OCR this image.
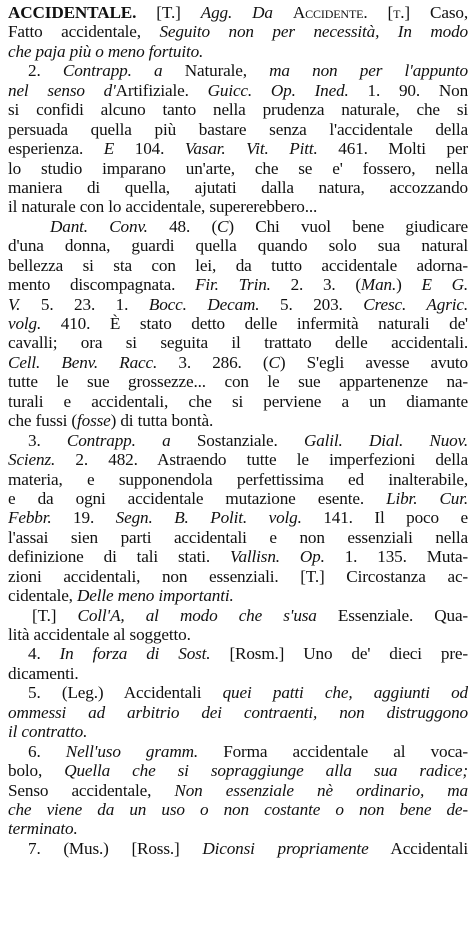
ACCIDENTALE. [T.] Agg. Da Accidente. [t.] Caso,
Fatto accidentale, Seguito non per necessità, In modo
che paja più o meno fortuito.
2. Contrapp. a Naturale, ma non per l'appunto
nel senso d'Artifiziale. Guicc. Op. Ined. 1. 90. Non
si confidi alcuno tanto nella prudenza naturale, che si
persuada quella più bastare senza l'accidentale della
esperienza. E 104. Vasar. Vit. Pitt. 461. Molti per
lo studio imparano un'arte, che se e' fossero, nella
maniera di quella, ajutati dalla natura, accozzando
il naturale con lo accidentale, supererebbero...
Dant. Conv. 48. (C) Chi vuol bene giudicare
d'una donna, guardi quella quando solo sua natural
bellezza si sta con lei, da tutto accidentale adorna-
mento discompagnata. Fir. Trin. 2. 3. (Man.) E G.
V. 5. 23. 1. Bocc. Decam. 5. 203. Cresc. Agric.
volg. 410. È stato detto delle infermità naturali de'
cavalli; ora si seguita il trattato delle accidentali.
Cell. Benv. Racc. 3. 286. (C) S'egli avesse avuto
tutte le sue grossezze... con le sue appartenenze na-
turali e accidentali, che si perviene a un diamante
che fussi (fosse) di tutta bontà.
3. Contrapp. a Sostanziale. Galil. Dial. Nuov.
Scienz. 2. 482. Astraendo tutte le imperfezioni della
materia, e supponendola perfettissima ed inalterabile,
e da ogni accidentale mutazione esente. Libr. Cur.
Febbr. 19. Segn. B. Polit. volg. 141. Il poco e
l'assai sien parti accidentali e non essenziali nella
definizione di tali stati. Vallisn. Op. 1. 135. Muta-
zioni accidentali, non essenziali. [T.] Circostanza ac-
cidentale, Delle meno importanti.
[T.] Coll'A, al modo che s'usa Essenziale. Qua-
lità accidentale al soggetto.
4. In forza di Sost. [Rosm.] Uno de' dieci pre-
dicamenti.
5. (Leg.) Accidentali quei patti che, aggiunti od
ommessi ad arbitrio dei contraenti, non distruggono
il contratto.
6. Nell'uso gramm. Forma accidentale al voca-
bolo, Quella che si sopraggiunge alla sua radice;
Senso accidentale, Non essenziale nè ordinario, ma
che viene da un uso o non costante o non bene de-
terminato.
7. (Mus.) [Ross.] Diconsi propriamente Accidentali
